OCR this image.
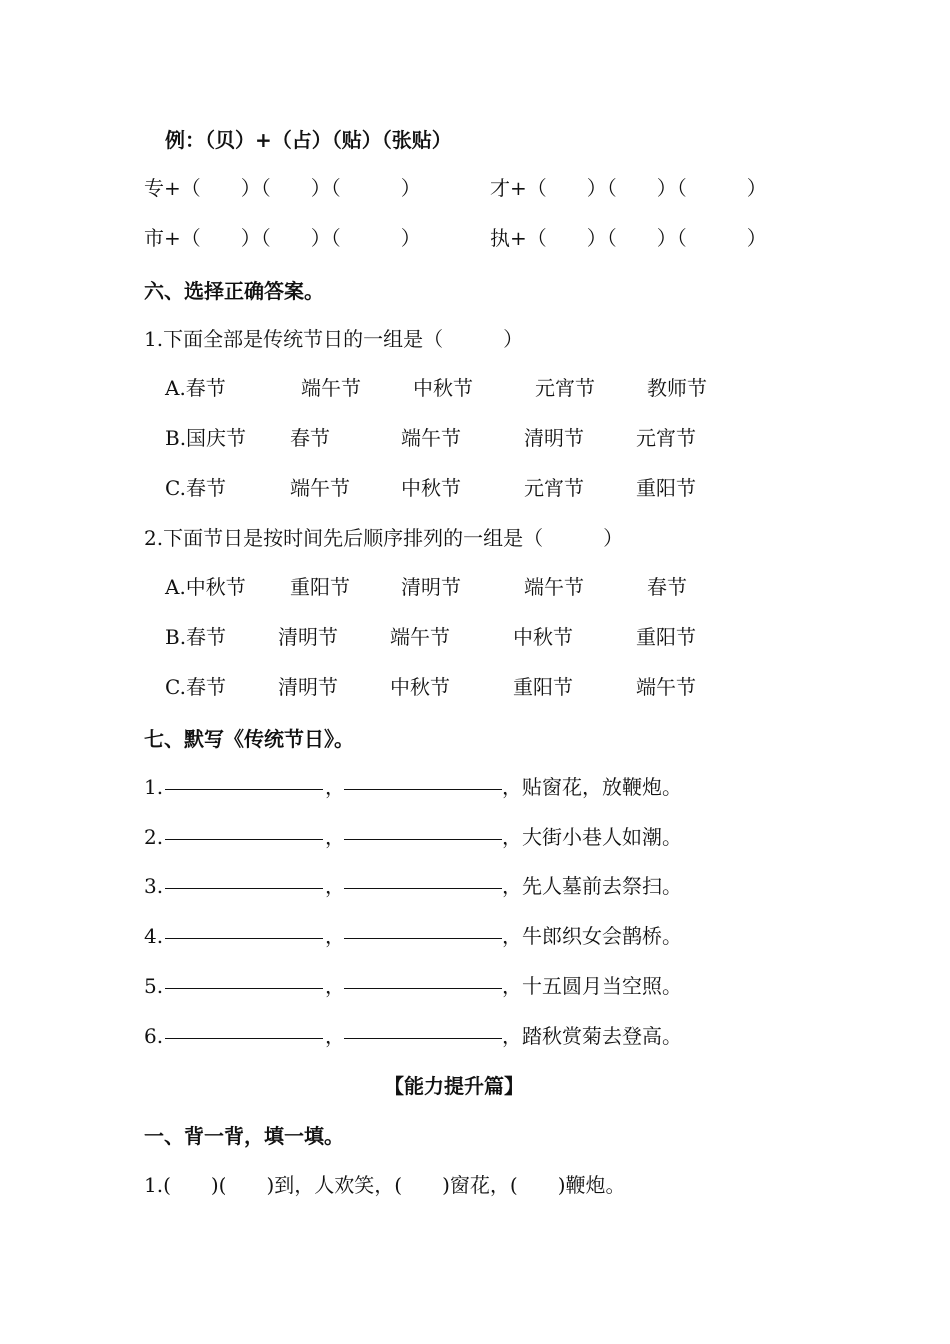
例：（贝）+（占）（贴）（张贴）
专+（　　）（　　）（　　　）	才+（　　）（　　）（　　　）
市+（　　）（　　）（　　　）	执+（　　）（　　）（　　　）
六、选择正确答案。
1.下面全部是传统节日的一组是（　　　）
A.春节	端午节	中秋节	元宵节	教师节
B.国庆节 春节	端午节	清明节	元宵节
C.春节	端午节	中秋节	元宵节	重阳节
2.下面节日是按时间先后顺序排列的一组是（　　　）
A.中秋节 重阳节	清明节	端午节	春节
B.春节	清明节	端午节	中秋节	重阳节
C.春节	清明节	中秋节	重阳节	端午节
七、默写《传统节日》。
1.	，	，贴窗花，放鞭炮。
2.	，	，大街小巷人如潮。
3.	，	，先人墓前去祭扫。
4.	，	，牛郎织女会鹊桥。
5.	，	，十五圆月当空照。
6.	，	，踏秋赏菊去登高。
【能力提升篇】
一、背一背，填一填。
1.(　　)(　　)到，人欢笑，(　　)窗花，(　　)鞭炮。
